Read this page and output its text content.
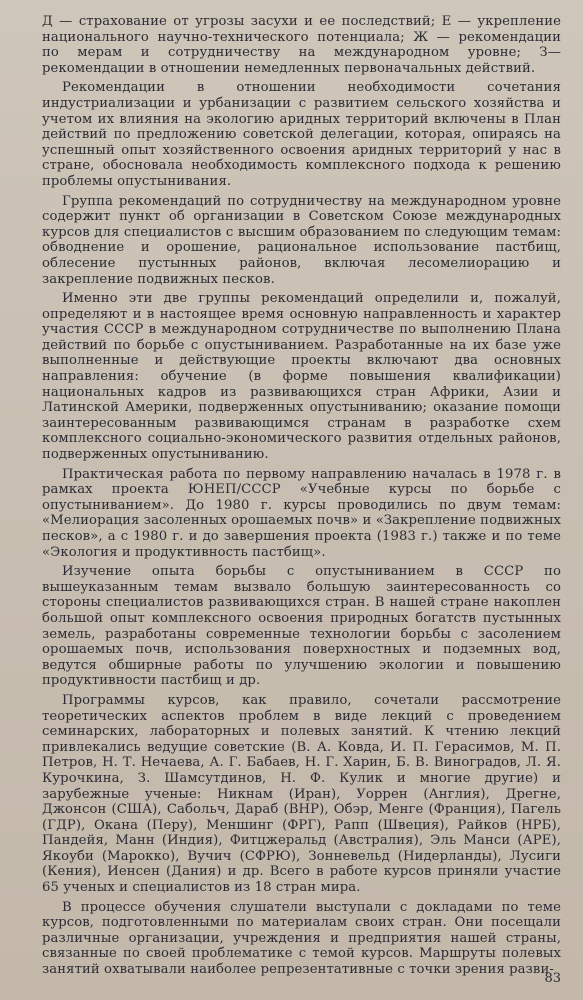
Д — страхование от угрозы засухи и ее последствий; Е — укрепление национального научно-технического потенциала; Ж — рекомендации по мерам и сотрудничеству на международном уровне; З—рекомендации в отношении немедленных первоначальных действий.

Рекомендации в отношении необходимости сочетания индустриализации и урбанизации с развитием сельского хозяйства и учетом их влияния на экологию аридных территорий включены в План действий по предложению советской делегации, которая, опираясь на успешный опыт хозяйственного освоения аридных территорий у нас в стране, обосновала необходимость комплексного подхода к решению проблемы опустынивания.

Группа рекомендаций по сотрудничеству на международном уровне содержит пункт об организации в Советском Союзе международных курсов для специалистов с высшим образованием по следующим темам: обводнение и орошение, рациональное использование пастбищ, облесение пустынных районов, включая лесомелиорацию и закрепление подвижных песков.

Именно эти две группы рекомендаций определили и, пожалуй, определяют и в настоящее время основную направленность и характер участия СССР в международном сотрудничестве по выполнению Плана действий по борьбе с опустыниванием. Разработанные на их базе уже выполненные и действующие проекты включают два основных направления: обучение (в форме повышения квалификации) национальных кадров из развивающихся стран Африки, Азии и Латинской Америки, подверженных опустыниванию; оказание помощи заинтересованным развивающимся странам в разработке схем комплексного социально-экономического развития отдельных районов, подверженных опустыниванию.

Практическая работа по первому направлению началась в 1978 г. в рамках проекта ЮНЕП/СССР «Учебные курсы по борьбе с опустыниванием». До 1980 г. курсы проводились по двум темам: «Мелиорация засоленных орошаемых почв» и «Закрепление подвижных песков», а с 1980 г. и до завершения проекта (1983 г.) также и по теме «Экология и продуктивность пастбищ».

Изучение опыта борьбы с опустыниванием в СССР по вышеуказанным темам вызвало большую заинтересованность со стороны специалистов развивающихся стран. В нашей стране накоплен большой опыт комплексного освоения природных богатств пустынных земель, разработаны современные технологии борьбы с засолением орошаемых почв, использования поверхностных и подземных вод, ведутся обширные работы по улучшению экологии и повышению продуктивности пастбищ и др.

Программы курсов, как правило, сочетали рассмотрение теоретических аспектов проблем в виде лекций с проведением семинарских, лабораторных и полевых занятий. К чтению лекций привлекались ведущие советские (В. А. Ковда, И. П. Герасимов, М. П. Петров, Н. Т. Нечаева, А. Г. Бабаев, Н. Г. Харин, Б. В. Виноградов, Л. Я. Курочкина, З. Шамсутдинов, Н. Ф. Кулик и многие другие) и зарубежные ученые: Никнам (Иран), Уоррен (Англия), Дрегне, Джонсон (США), Сабольч, Дараб (ВНР), Обэр, Менге (Франция), Пагель (ГДР), Окана (Перу), Меншинг (ФРГ), Рапп (Швеция), Райков (НРБ), Пандейя, Манн (Индия), Фитцжеральд (Австралия), Эль Манси (АРЕ), Якоуби (Марокко), Вучич (СФРЮ), Зонневельд (Нидерланды), Лусиги (Кения), Иенсен (Дания) и др. Всего в работе курсов приняли участие 65 ученых и специалистов из 18 стран мира.

В процессе обучения слушатели выступали с докладами по теме курсов, подготовленными по материалам своих стран. Они посещали различные организации, учреждения и предприятия нашей страны, связанные по своей проблематике с темой курсов. Маршруты полевых занятий охватывали наиболее репрезентативные с точки зрения разви-

83
